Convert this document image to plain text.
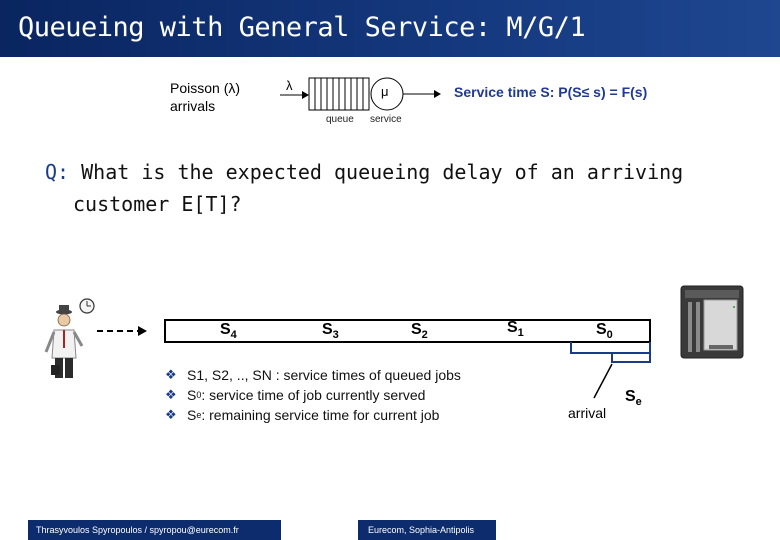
Queueing with General Service: M/G/1
Poisson (λ)
arrivals
λ	μ
queue service
Service time S: P(S≤ s) = F(s)
Q: What is the expected queueing delay of an arriving
customer E[T]?
$S_4$	$S_3$	$S_2$	$S_1$	$S_0$
$S_e$
arrival
❖ S1, S2, .., SN : service times of queued jobs
❖ S 0 : service time of job currently served
❖ S e : remaining service time for current job
Thrasyvoulos Spyropoulos / spyropou@eurecom.fr	Eurecom, Sophia-Antipolis
